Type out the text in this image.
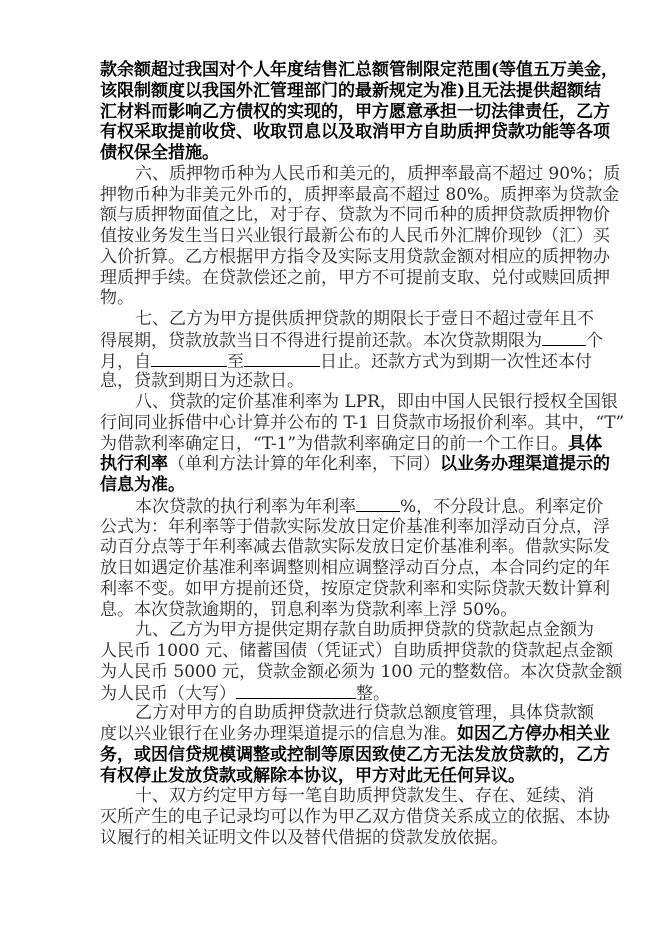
款余额超过我国对个人年度结售汇总额管制限定范围(等值五万美金，
该限制额度以我国外汇管理部门的最新规定为准)且无法提供超额结
汇材料而影响乙方债权的实现的，甲方愿意承担一切法律责任，乙方
有权采取提前收贷、收取罚息以及取消甲方自助质押贷款功能等各项
债权保全措施。
六、质押物币种为人民币和美元的，质押率最高不超过 90%；质
押物币种为非美元外币的，质押率最高不超过 80%。质押率为贷款金
额与质押物面值之比，对于存、贷款为不同币种的质押贷款质押物价
值按业务发生当日兴业银行最新公布的人民币外汇牌价现钞（汇）买
入价折算。乙方根据甲方指令及实际支用贷款金额对相应的质押物办
理质押手续。在贷款偿还之前，甲方不可提前支取、兑付或赎回质押
物。
七、乙方为甲方提供质押贷款的期限长于壹日不超过壹年且不
得展期，贷款放款当日不得进行提前还款。本次贷款期限为	个
月，自	至	日止。还款方式为到期一次性还本付
息，贷款到期日为还款日。
八、贷款的定价基准利率为 LPR，即由中国人民银行授权全国银
行间同业拆借中心计算并公布的 T-1 日贷款市场报价利率。其中，“T”
为借款利率确定日，“T-1”为借款利率确定日的前一个工作日。具体
执行利率（单利方法计算的年化利率，下同）以业务办理渠道提示的
信息为准。
本次贷款的执行利率为年利率	%，不分段计息。利率定价
公式为：年利率等于借款实际发放日定价基准利率加浮动百分点，浮
动百分点等于年利率减去借款实际发放日定价基准利率。借款实际发
放日如遇定价基准利率调整则相应调整浮动百分点，本合同约定的年
利率不变。如甲方提前还贷，按原定贷款利率和实际贷款天数计算利
息。本次贷款逾期的，罚息利率为贷款利率上浮 50%。
九、乙方为甲方提供定期存款自助质押贷款的贷款起点金额为
人民币 1000 元、储蓄国债（凭证式）自助质押贷款的贷款起点金额
为人民币 5000 元，贷款金额必须为 100 元的整数倍。本次贷款金额
为人民币（大写）	整。
乙方对甲方的自助质押贷款进行贷款总额度管理，具体贷款额
度以兴业银行在业务办理渠道提示的信息为准。如因乙方停办相关业
务，或因信贷规模调整或控制等原因致使乙方无法发放贷款的，乙方
有权停止发放贷款或解除本协议，甲方对此无任何异议。
十、双方约定甲方每一笔自助质押贷款发生、存在、延续、消
灭所产生的电子记录均可以作为甲乙双方借贷关系成立的依据、本协
议履行的相关证明文件以及替代借据的贷款发放依据。
